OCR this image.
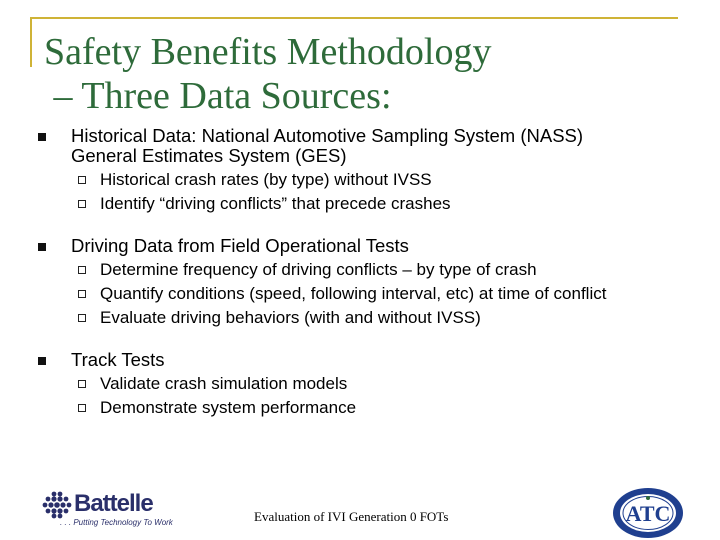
Safety Benefits Methodology
– Three Data Sources:
Historical Data: National Automotive Sampling System (NASS)
General Estimates System (GES)
Historical crash rates (by type) without IVSS
Identify “driving conflicts” that precede crashes
Driving Data from Field Operational Tests
Determine frequency of driving conflicts – by type of crash
Quantify conditions (speed, following interval, etc) at time of conflict
Evaluate driving behaviors (with and without IVSS)
Track Tests
Validate crash simulation models
Demonstrate system performance
Battelle
. . . Putting Technology To Work	Evaluation of IVI Generation 0 FOTs	ATC
